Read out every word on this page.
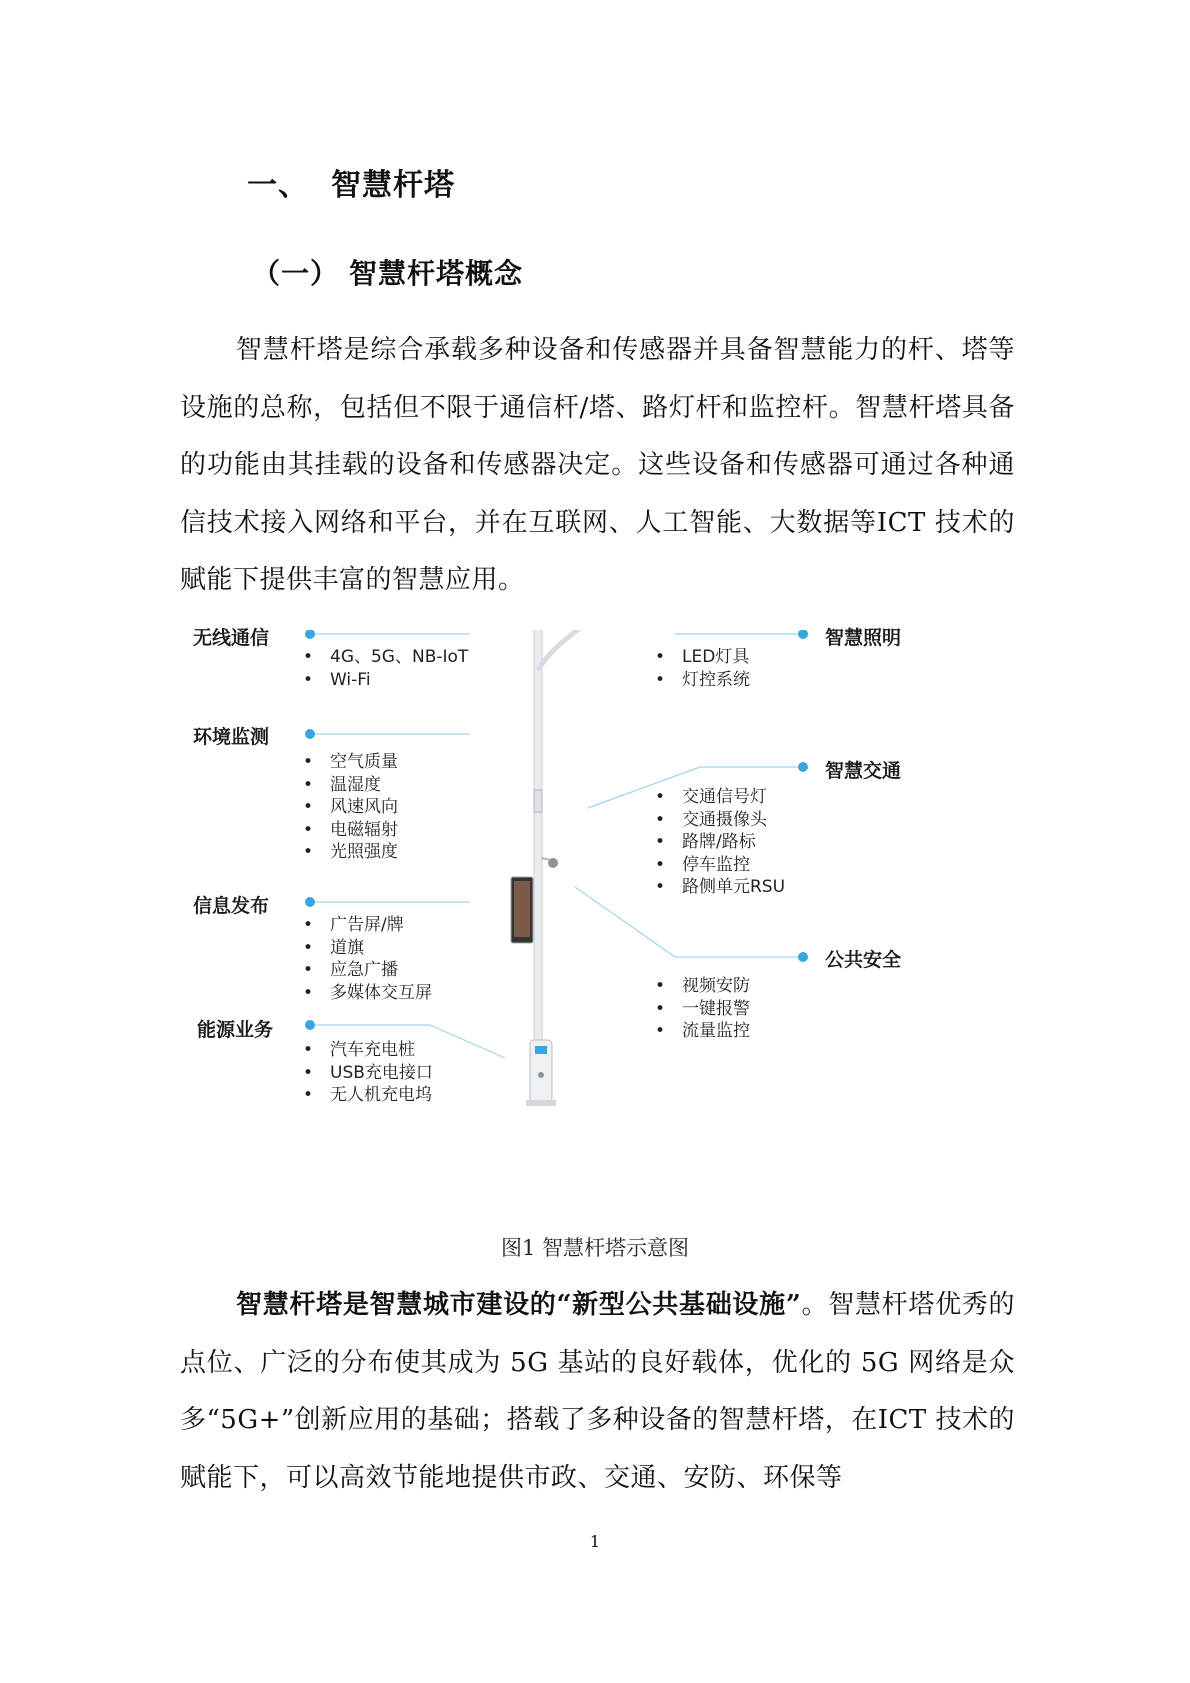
一、 智慧杆塔
（一） 智慧杆塔概念

智慧杆塔是综合承载多种设备和传感器并具备智慧能力的杆、塔等设施的总称，包括但不限于通信杆/塔、路灯杆和监控杆。智慧杆塔具备的功能由其挂载的设备和传感器决定。这些设备和传感器可通过各种通信技术接入网络和平台，并在互联网、人工智能、大数据等ICT 技术的赋能下提供丰富的智慧应用。

无线通信
• 4G、5G、NB-IoT
• Wi-Fi
环境监测
• 空气质量
• 温湿度
• 风速风向
• 电磁辐射
• 光照强度
信息发布
• 广告屏/牌
• 道旗
• 应急广播
• 多媒体交互屏
能源业务
• 汽车充电桩
• USB充电接口
• 无人机充电坞
智慧照明
• LED灯具
• 灯控系统
智慧交通
• 交通信号灯
• 交通摄像头
• 路牌/路标
• 停车监控
• 路侧单元RSU
公共安全
• 视频安防
• 一键报警
• 流量监控

图1 智慧杆塔示意图

智慧杆塔是智慧城市建设的“新型公共基础设施”。智慧杆塔优秀的点位、广泛的分布使其成为 5G 基站的良好载体，优化的 5G 网络是众多“5G+”创新应用的基础；搭载了多种设备的智慧杆塔，在ICT 技术的赋能下，可以高效节能地提供市政、交通、安防、环保等

1
